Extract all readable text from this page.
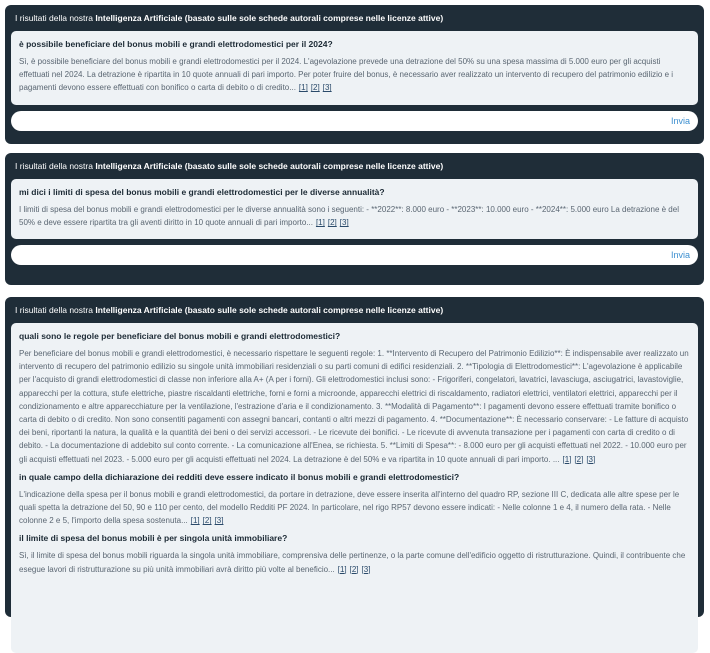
I risultati della nostra Intelligenza Artificiale (basato sulle sole schede autorali comprese nelle licenze attive)
è possibile beneficiare del bonus mobili e grandi elettrodomestici per il 2024?
Sì, è possibile beneficiare del bonus mobili e grandi elettrodomestici per il 2024. L'agevolazione prevede una detrazione del 50% su una spesa massima di 5.000 euro per gli acquisti effettuati nel 2024. La detrazione è ripartita in 10 quote annuali di pari importo. Per poter fruire del bonus, è necessario aver realizzato un intervento di recupero del patrimonio edilizio e i pagamenti devono essere effettuati con bonifico o carta di debito o di credito... [1] [2] [3]
Invia
I risultati della nostra Intelligenza Artificiale (basato sulle sole schede autorali comprese nelle licenze attive)
mi dici i limiti di spesa del bonus mobili e grandi elettrodomestici per le diverse annualità?
I limiti di spesa del bonus mobili e grandi elettrodomestici per le diverse annualità sono i seguenti: - **2022**: 8.000 euro - **2023**: 10.000 euro - **2024**: 5.000 euro La detrazione è del 50% e deve essere ripartita tra gli aventi diritto in 10 quote annuali di pari importo... [1] [2] [3]
Invia
I risultati della nostra Intelligenza Artificiale (basato sulle sole schede autorali comprese nelle licenze attive)
quali sono le regole per beneficiare del bonus mobili e grandi elettrodomestici?
Per beneficiare del bonus mobili e grandi elettrodomestici, è necessario rispettare le seguenti regole: 1. **Intervento di Recupero del Patrimonio Edilizio**: È indispensabile aver realizzato un intervento di recupero del patrimonio edilizio su singole unità immobiliari residenziali o su parti comuni di edifici residenziali. 2. **Tipologia di Elettrodomestici**: L'agevolazione è applicabile per l'acquisto di grandi elettrodomestici di classe non inferiore alla A+ (A per i forni). Gli elettrodomestici inclusi sono: - Frigoriferi, congelatori, lavatrici, lavasciuga, asciugatrici, lavastoviglie, apparecchi per la cottura, stufe elettriche, piastre riscaldanti elettriche, forni e forni a microonde, apparecchi elettrici di riscaldamento, radiatori elettrici, ventilatori elettrici, apparecchi per il condizionamento e altre apparecchiature per la ventilazione, l'estrazione d'aria e il condizionamento. 3. **Modalità di Pagamento**: I pagamenti devono essere effettuati tramite bonifico o carta di debito o di credito. Non sono consentiti pagamenti con assegni bancari, contanti o altri mezzi di pagamento. 4. **Documentazione**: È necessario conservare: - Le fatture di acquisto dei beni, riportanti la natura, la qualità e la quantità dei beni o dei servizi accessori. - Le ricevute dei bonifici. - Le ricevute di avvenuta transazione per i pagamenti con carta di credito o di debito. - La documentazione di addebito sul conto corrente. - La comunicazione all'Enea, se richiesta. 5. **Limiti di Spesa**: - 8.000 euro per gli acquisti effettuati nel 2022. - 10.000 euro per gli acquisti effettuati nel 2023. - 5.000 euro per gli acquisti effettuati nel 2024. La detrazione è del 50% e va ripartita in 10 quote annuali di pari importo. ... [1] [2] [3]
in quale campo della dichiarazione dei redditi deve essere indicato il bonus mobili e grandi elettrodomestici?
L'indicazione della spesa per il bonus mobili e grandi elettrodomestici, da portare in detrazione, deve essere inserita all'interno del quadro RP, sezione III C, dedicata alle altre spese per le quali spetta la detrazione del 50, 90 e 110 per cento, del modello Redditi PF 2024. In particolare, nel rigo RP57 devono essere indicati: - Nelle colonne 1 e 4, il numero della rata. - Nelle colonne 2 e 5, l'importo della spesa sostenuta... [1] [2] [3]
il limite di spesa del bonus mobili è per singola unità immobiliare?
Sì, il limite di spesa del bonus mobili riguarda la singola unità immobiliare, comprensiva delle pertinenze, o la parte comune dell'edificio oggetto di ristrutturazione. Quindi, il contribuente che esegue lavori di ristrutturazione su più unità immobiliari avrà diritto più volte al beneficio... [1] [2] [3]
